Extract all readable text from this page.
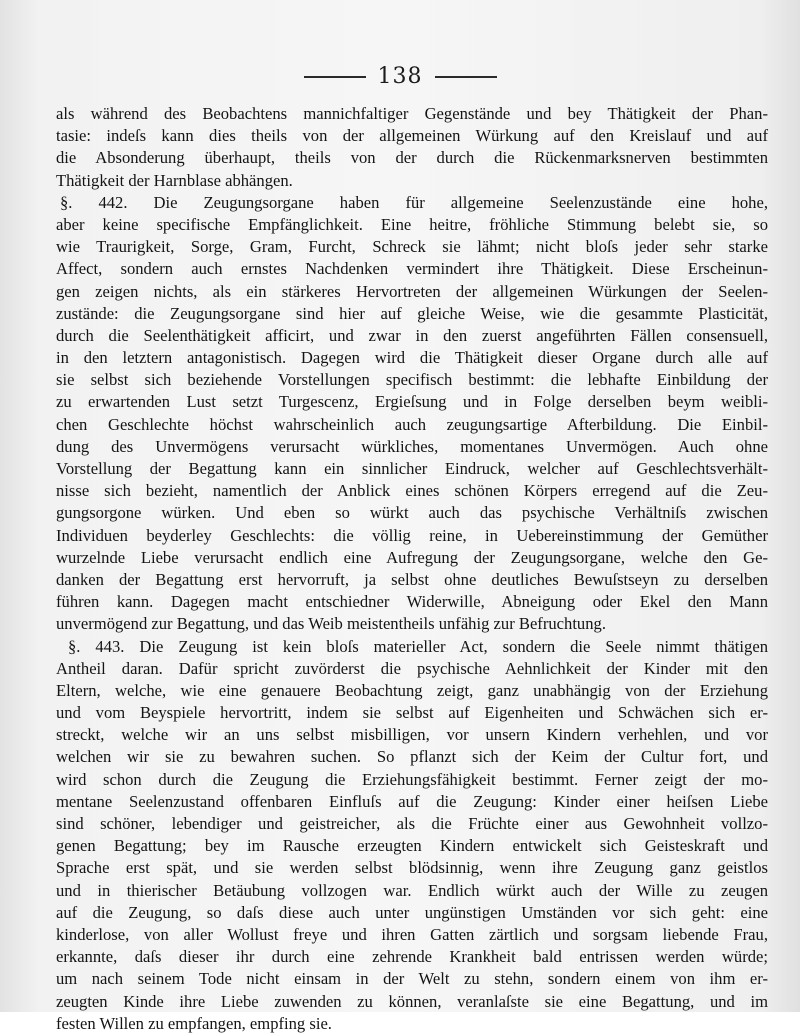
138
als während des Beobachtens mannichfaltiger Gegenstände und bey Thätigkeit der Phan-
tasie: indeſs kann dies theils von der allgemeinen Würkung auf den Kreislauf und auf
die Absonderung überhaupt, theils von der durch die Rückenmarksnerven bestimmten
Thätigkeit der Harnblase abhängen.
§. 442. Die Zeugungsorgane haben für allgemeine Seelenzustände eine hohe,
aber keine specifische Empfänglichkeit. Eine heitre, fröhliche Stimmung belebt sie, so
wie Traurigkeit, Sorge, Gram, Furcht, Schreck sie lähmt; nicht bloſs jeder sehr starke
Affect, sondern auch ernstes Nachdenken vermindert ihre Thätigkeit. Diese Erscheinun-
gen zeigen nichts, als ein stärkeres Hervortreten der allgemeinen Würkungen der Seelen-
zustände: die Zeugungsorgane sind hier auf gleiche Weise, wie die gesammte Plasticität,
durch die Seelenthätigkeit afficirt, und zwar in den zuerst angeführten Fällen consensuell,
in den letztern antagonistisch. Dagegen wird die Thätigkeit dieser Organe durch alle auf
sie selbst sich beziehende Vorstellungen specifisch bestimmt: die lebhafte Einbildung der
zu erwartenden Lust setzt Turgescenz, Ergieſsung und in Folge derselben beym weibli-
chen Geschlechte höchst wahrscheinlich auch zeugungsartige Afterbildung. Die Einbil-
dung des Unvermögens verursacht würkliches, momentanes Unvermögen. Auch ohne
Vorstellung der Begattung kann ein sinnlicher Eindruck, welcher auf Geschlechtsverhält-
nisse sich bezieht, namentlich der Anblick eines schönen Körpers erregend auf die Zeu-
gungsorgone würken. Und eben so würkt auch das psychische Verhältniſs zwischen
Individuen beyderley Geschlechts: die völlig reine, in Uebereinstimmung der Gemüther
wurzelnde Liebe verursacht endlich eine Aufregung der Zeugungsorgane, welche den Ge-
danken der Begattung erst hervorruft, ja selbst ohne deutliches Bewuſstseyn zu derselben
führen kann. Dagegen macht entschiedner Widerwille, Abneigung oder Ekel den Mann
unvermögend zur Begattung, und das Weib meistentheils unfähig zur Befruchtung.
§. 443. Die Zeugung ist kein bloſs materieller Act, sondern die Seele nimmt thätigen
Antheil daran. Dafür spricht zuvörderst die psychische Aehnlichkeit der Kinder mit den
Eltern, welche, wie eine genauere Beobachtung zeigt, ganz unabhängig von der Erziehung
und vom Beyspiele hervortritt, indem sie selbst auf Eigenheiten und Schwächen sich er-
streckt, welche wir an uns selbst misbilligen, vor unsern Kindern verhehlen, und vor
welchen wir sie zu bewahren suchen. So pflanzt sich der Keim der Cultur fort, und
wird schon durch die Zeugung die Erziehungsfähigkeit bestimmt. Ferner zeigt der mo-
mentane Seelenzustand offenbaren Einfluſs auf die Zeugung: Kinder einer heiſsen Liebe
sind schöner, lebendiger und geistreicher, als die Früchte einer aus Gewohnheit vollzo-
genen Begattung; bey im Rausche erzeugten Kindern entwickelt sich Geisteskraft und
Sprache erst spät, und sie werden selbst blödsinnig, wenn ihre Zeugung ganz geistlos
und in thierischer Betäubung vollzogen war. Endlich würkt auch der Wille zu zeugen
auf die Zeugung, so daſs diese auch unter ungünstigen Umständen vor sich geht: eine
kinderlose, von aller Wollust freye und ihren Gatten zärtlich und sorgsam liebende Frau,
erkannte, daſs dieser ihr durch eine zehrende Krankheit bald entrissen werden würde;
um nach seinem Tode nicht einsam in der Welt zu stehn, sondern einem von ihm er-
zeugten Kinde ihre Liebe zuwenden zu können, veranlaſste sie eine Begattung, und im
festen Willen zu empfangen, empfing sie.
